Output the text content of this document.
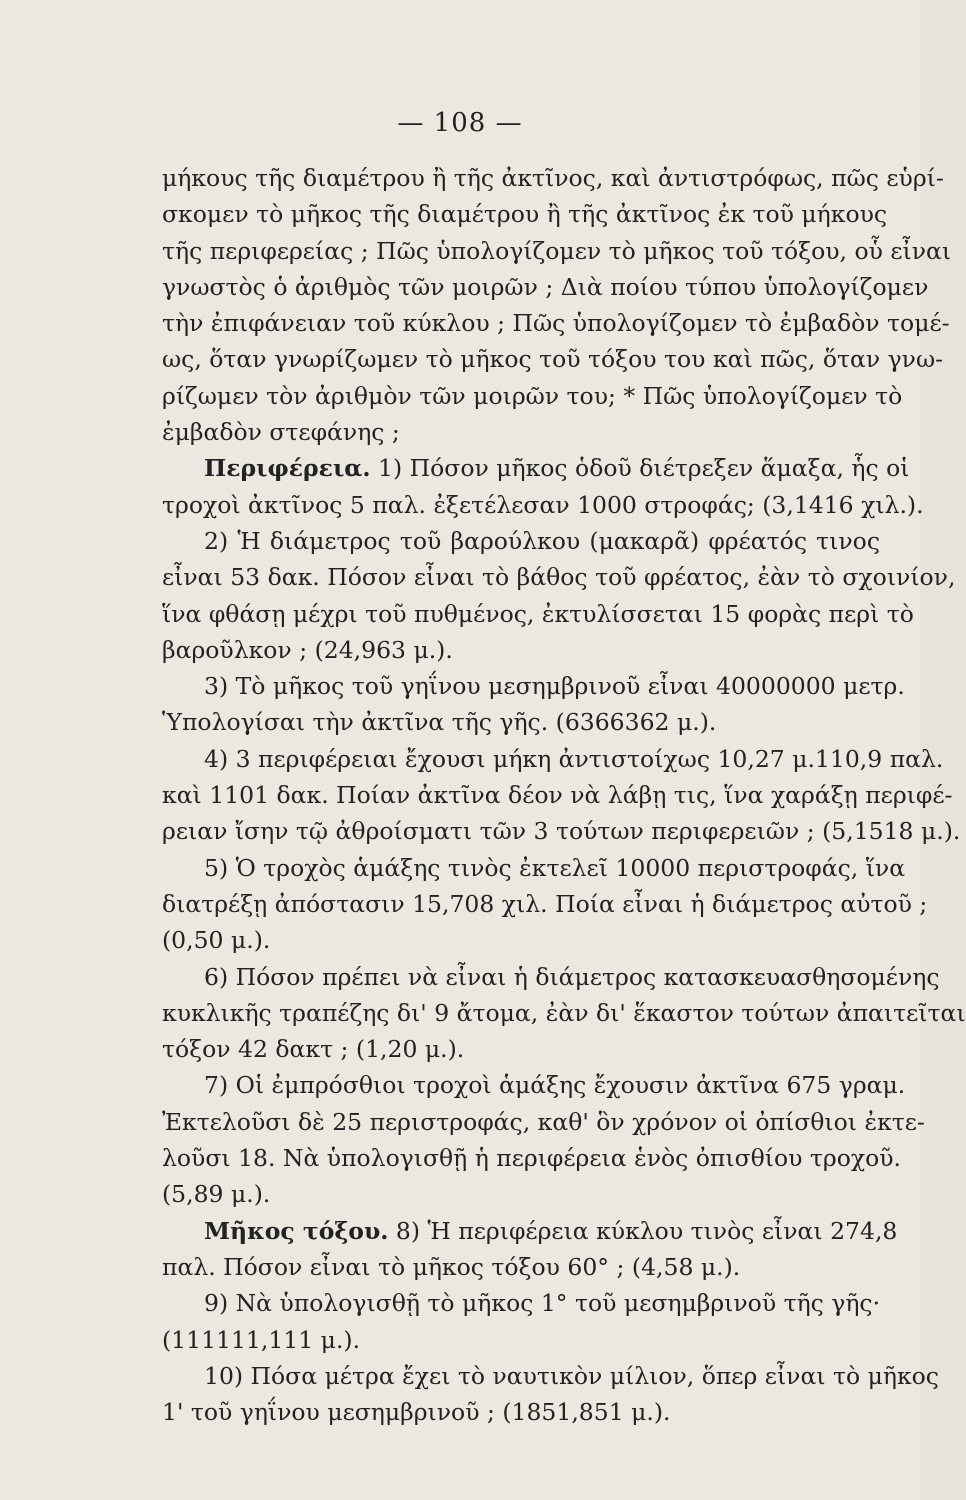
— 108 —
μήκους τῆς διαμέτρου ἢ τῆς ἀκτῖνος, καὶ ἀντιστρόφως, πῶς εὑρί-
σκομεν τὸ μῆκος τῆς διαμέτρου ἢ τῆς ἀκτῖνος ἐκ τοῦ μήκους
τῆς περιφερείας ; Πῶς ὑπολογίζομεν τὸ μῆκος τοῦ τόξου, οὗ εἶναι
γνωστὸς ὁ ἀριθμὸς τῶν μοιρῶν ; Διὰ ποίου τύπου ὑπολογίζομεν
τὴν ἐπιφάνειαν τοῦ κύκλου ; Πῶς ὑπολογίζομεν τὸ ἐμβαδὸν τομέ-
ως, ὅταν γνωρίζωμεν τὸ μῆκος τοῦ τόξου του καὶ πῶς, ὅταν γνω-
ρίζωμεν τὸν ἀριθμὸν τῶν μοιρῶν του; * Πῶς ὑπολογίζομεν τὸ
ἐμβαδὸν στεφάνης ;
Περιφέρεια. 1) Πόσον μῆκος ὁδοῦ διέτρεξεν ἅμαξα, ἧς οἱ
τροχοὶ ἀκτῖνος 5 παλ. ἐξετέλεσαν 1000 στροφάς; (3,1416 χιλ.).
2) Ἡ διάμετρος τοῦ βαρούλκου (μακαρᾶ) φρέατός τινος
εἶναι 53 δακ. Πόσον εἶναι τὸ βάθος τοῦ φρέατος, ἐὰν τὸ σχοινίον,
ἵνα φθάσῃ μέχρι τοῦ πυθμένος, ἐκτυλίσσεται 15 φορὰς περὶ τὸ
βαροῦλκον ; (24,963 μ.).
3) Τὸ μῆκος τοῦ γηΐνου μεσημβρινοῦ εἶναι 40000000 μετρ.
Ὑπολογίσαι τὴν ἀκτῖνα τῆς γῆς. (6366362 μ.).
4) 3 περιφέρειαι ἔχουσι μήκη ἀντιστοίχως 10,27 μ.110,9 παλ.
καὶ 1101 δακ. Ποίαν ἀκτῖνα δέον νὰ λάβῃ τις, ἵνα χαράξῃ περιφέ-
ρειαν ἴσην τῷ ἀθροίσματι τῶν 3 τούτων περιφερειῶν ; (5,1518 μ.).
5) Ὁ τροχὸς ἁμάξης τινὸς ἐκτελεῖ 10000 περιστροφάς, ἵνα
διατρέξῃ ἀπόστασιν 15,708 χιλ. Ποία εἶναι ἡ διάμετρος αὐτοῦ ;
(0,50 μ.).
6) Πόσον πρέπει νὰ εἶναι ἡ διάμετρος κατασκευασθησομένης
κυκλικῆς τραπέζης δι' 9 ἄτομα, ἐὰν δι' ἕκαστον τούτων ἀπαιτεῖται
τόξον 42 δακτ ; (1,20 μ.).
7) Οἱ ἐμπρόσθιοι τροχοὶ ἁμάξης ἔχουσιν ἀκτῖνα 675 γραμ.
Ἐκτελοῦσι δὲ 25 περιστροφάς, καθ' ὃν χρόνον οἱ ὀπίσθιοι ἐκτε-
λοῦσι 18. Νὰ ὑπολογισθῇ ἡ περιφέρεια ἑνὸς ὀπισθίου τροχοῦ.
(5,89 μ.).
Μῆκος τόξου. 8) Ἡ περιφέρεια κύκλου τινὸς εἶναι 274,8
παλ. Πόσον εἶναι τὸ μῆκος τόξου 60° ; (4,58 μ.).
9) Νὰ ὑπολογισθῇ τὸ μῆκος 1° τοῦ μεσημβρινοῦ τῆς γῆς·
(111111,111 μ.).
10) Πόσα μέτρα ἔχει τὸ ναυτικὸν μίλιον, ὅπερ εἶναι τὸ μῆκος
1' τοῦ γηΐνου μεσημβρινοῦ ; (1851,851 μ.).
